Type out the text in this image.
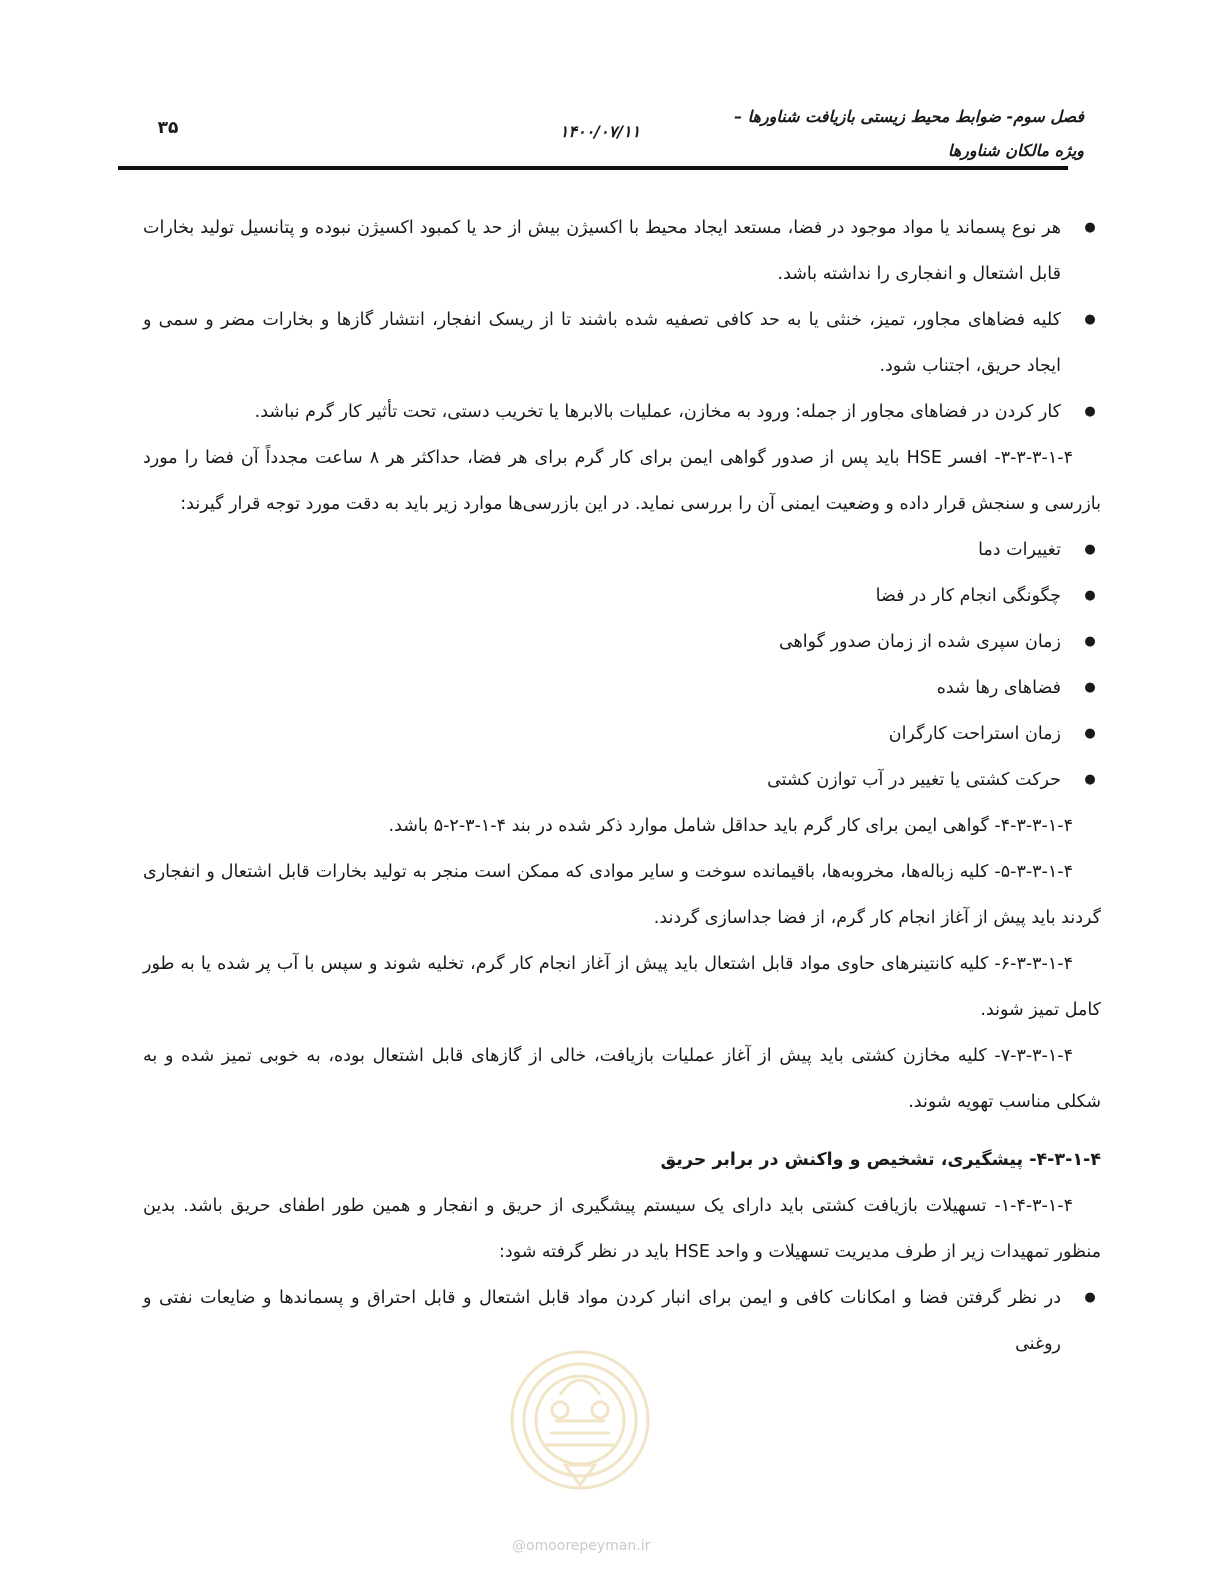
فصل سوم- ضوابط محیط زیستی بازیافت شناورها –
ویژه مالکان شناورها
۱۴۰۰/۰۷/۱۱
۳۵
●
هر نوع پسماند یا مواد موجود در فضا، مستعد ایجاد محیط با اکسیژن بیش از حد یا کمبود اکسیژن نبوده و پتانسیل تولید بخارات قابل اشتعال و انفجاری را نداشته باشد.
●
کلیه فضاهای مجاور، تمیز، خنثی یا به حد کافی تصفیه شده باشند تا از ریسک انفجار، انتشار گازها و بخارات مضر و سمی و ایجاد حریق، اجتناب شود.
●
کار کردن در فضاهای مجاور از جمله: ورود به مخازن، عملیات بالابرها یا تخریب دستی، تحت تأثیر کار گرم نباشد.

۳-۳-۳-۱-۴- افسر HSE باید پس از صدور گواهی ایمن برای کار گرم برای هر فضا، حداکثر هر ۸ ساعت مجدداً آن فضا را مورد بازرسی و سنجش قرار داده و وضعیت ایمنی آن را بررسی نماید. در این بازرسی‌ها موارد زیر باید به دقت مورد توجه قرار گیرند:

●
تغییرات دما
●
چگونگی انجام کار در فضا
●
زمان سپری شده از زمان صدور گواهی
●
فضاهای رها شده
●
زمان استراحت کارگران
●
حرکت کشتی یا تغییر در آب توازن کشتی

۴-۳-۳-۱-۴- گواهی ایمن برای کار گرم باید حداقل شامل موارد ذکر شده در بند ۴-۱-۳-۲-۵ باشد.

۵-۳-۳-۱-۴- کلیه زباله‌ها، مخروبه‌ها، باقیمانده سوخت و سایر موادی که ممکن است منجر به تولید بخارات قابل اشتعال و انفجاری گردند باید پیش از آغاز انجام کار گرم، از فضا جداسازی گردند.

۶-۳-۳-۱-۴- کلیه کانتینرهای حاوی مواد قابل اشتعال باید پیش از آغاز انجام کار گرم، تخلیه شوند و سپس با آب پر شده یا به طور کامل تمیز شوند.

۷-۳-۳-۱-۴- کلیه مخازن کشتی باید پیش از آغاز عملیات بازیافت، خالی از گازهای قابل اشتعال بوده، به خوبی تمیز شده و به شکلی مناسب تهویه شوند.

۴-۳-۱-۴- پیشگیری، تشخیص و واکنش در برابر حریق

۱-۴-۳-۱-۴- تسهیلات بازیافت کشتی باید دارای یک سیستم پیشگیری از حریق و انفجار و همین طور اطفای حریق باشد. بدین منظور تمهیدات زیر از طرف مدیریت تسهیلات و واحد HSE باید در نظر گرفته شود:

●
در نظر گرفتن فضا و امکانات کافی و ایمن برای انبار کردن مواد قابل اشتعال و قابل احتراق و پسماندها و ضایعات نفتی و روغنی
@omoorepeyman.ir
